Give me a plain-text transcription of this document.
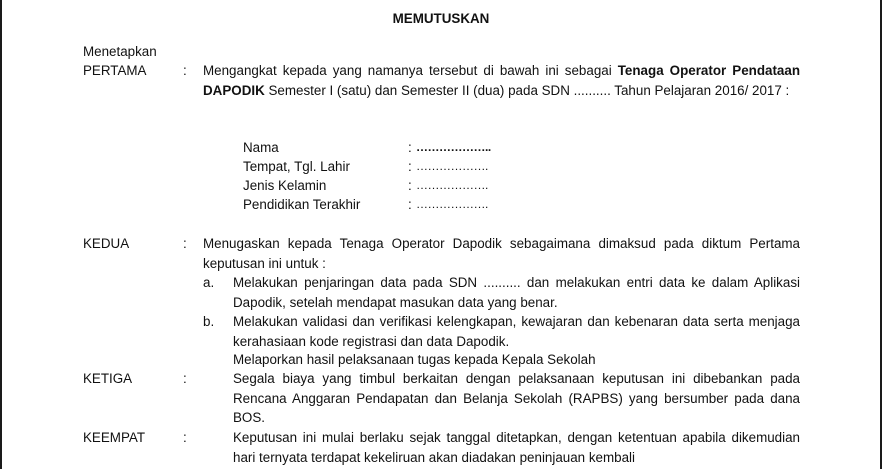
MEMUTUSKAN
Menetapkan
PERTAMA	: Mengangkat kepada yang namanya tersebut di bawah ini sebagai Tenaga Operator Pendataan DAPODIK Semester I (satu) dan Semester II (dua) pada SDN .......... Tahun Pelajaran 2016/ 2017 :
Nama	: ………………..
Tempat, Tgl. Lahir	: ……………….
Jenis Kelamin	: ……………….
Pendidikan Terakhir	: ……………….
KEDUA	: Menugaskan kepada Tenaga Operator Dapodik sebagaimana dimaksud pada diktum Pertama keputusan ini untuk :
a. Melakukan penjaringan data pada SDN .......... dan melakukan entri data ke dalam Aplikasi Dapodik, setelah mendapat masukan data yang benar.
b. Melakukan validasi dan verifikasi kelengkapan, kewajaran dan kebenaran data serta menjaga kerahasiaan kode registrasi dan data Dapodik.
Melaporkan hasil pelaksanaan tugas kepada Kepala Sekolah
KETIGA	:	Segala biaya yang timbul berkaitan dengan pelaksanaan keputusan ini dibebankan pada Rencana Anggaran Pendapatan dan Belanja Sekolah (RAPBS) yang bersumber pada dana BOS.
KEEMPAT	:	Keputusan ini mulai berlaku sejak tanggal ditetapkan, dengan ketentuan apabila dikemudian hari ternyata terdapat kekeliruan akan diadakan peninjauan kembali
